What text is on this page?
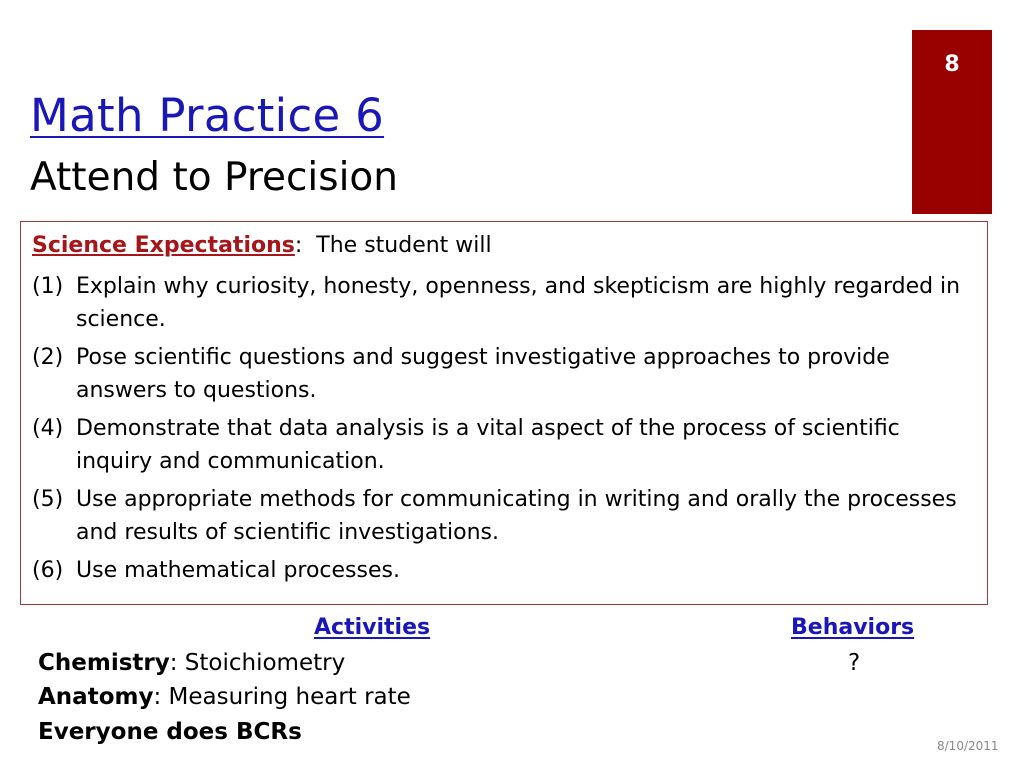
8
Math Practice 6
Attend to Precision
Science Expectations: The student will
(1) Explain why curiosity, honesty, openness, and skepticism are highly regarded in science.
(2) Pose scientific questions and suggest investigative approaches to provide answers to questions.
(4) Demonstrate that data analysis is a vital aspect of the process of scientific inquiry and communication.
(5) Use appropriate methods for communicating in writing and orally the processes and results of scientific investigations.
(6) Use mathematical processes.
Activities	Behaviors
Chemistry: Stoichiometry
Anatomy: Measuring heart rate
Everyone does BCRs
?
8/10/2011
